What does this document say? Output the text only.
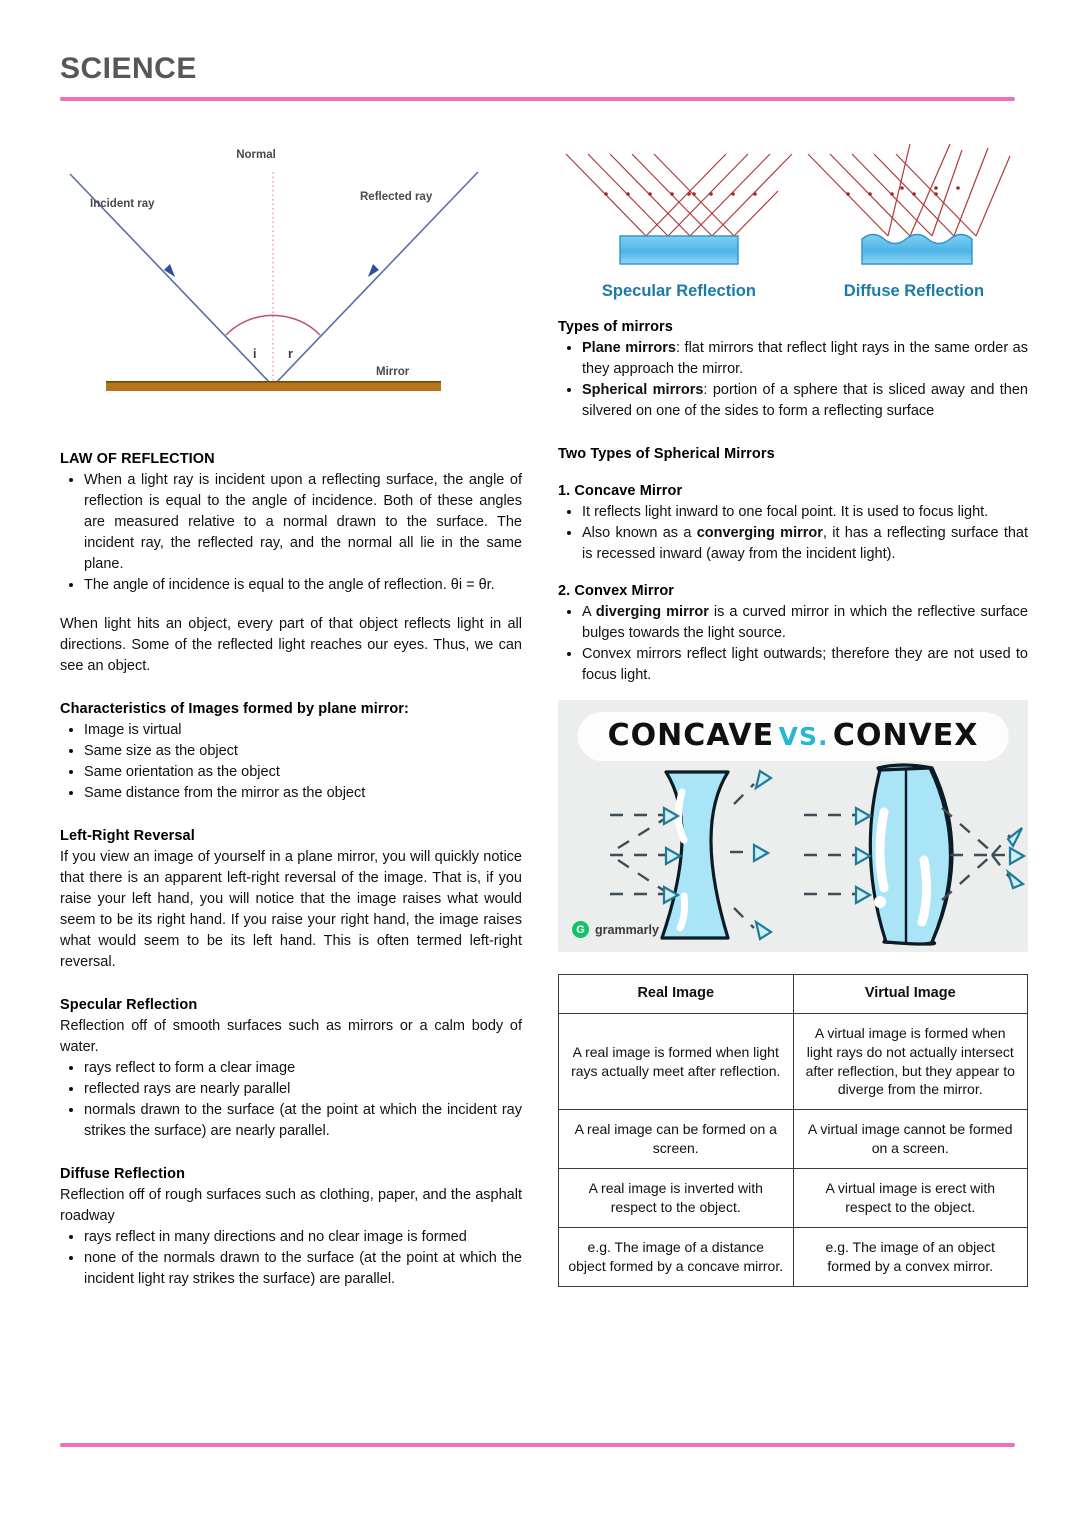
SCIENCE
Normal
Incident ray
Reflected ray
i	r
Mirror
LAW OF REFLECTION
• When a light ray is incident upon a reflecting surface, the angle of reflection is equal to the angle of incidence. Both of these angles are measured relative to a normal drawn to the surface. The incident ray, the reflected ray, and the normal all lie in the same plane.
• The angle of incidence is equal to the angle of reflection. θi = θr.

When light hits an object, every part of that object reflects light in all directions. Some of the reflected light reaches our eyes. Thus, we can see an object.

Characteristics of Images formed by plane mirror:
• Image is virtual
• Same size as the object
• Same orientation as the object
• Same distance from the mirror as the object
Left-Right Reversal

If you view an image of yourself in a plane mirror, you will quickly notice that there is an apparent left-right reversal of the image. That is, if you raise your left hand, you will notice that the image raises what would seem to be its right hand. If you raise your right hand, the image raises what would seem to be its left hand. This is often termed left-right reversal.

Specular Reflection

Reflection off of smooth surfaces such as mirrors or a calm body of water.

• rays reflect to form a clear image
• reflected rays are nearly parallel
• normals drawn to the surface (at the point at which the incident ray strikes the surface) are nearly parallel.
Diffuse Reflection

Reflection off of rough surfaces such as clothing, paper, and the asphalt roadway

• rays reflect in many directions and no clear image is formed
• none of the normals drawn to the surface (at the point at which the incident light ray strikes the surface) are parallel.
Specular Reflection	Diffuse Reflection
Types of mirrors
• Plane mirrors: flat mirrors that reflect light rays in the same order as they approach the mirror.
• Spherical mirrors: portion of a sphere that is sliced away and then silvered on one of the sides to form a reflecting surface
Two Types of Spherical Mirrors
1. Concave Mirror
• It reflects light inward to one focal point. It is used to focus light.
• Also known as a converging mirror, it has a reflecting surface that is recessed inward (away from the incident light).
2. Convex Mirror
• A diverging mirror is a curved mirror in which the reflective surface bulges towards the light source.
• Convex mirrors reflect light outwards; therefore they are not used to focus light.
CONCAVE VS. CONVEX
G grammarly
Real Image	Virtual Image
A real image is formed when light rays actually meet after reflection.	A virtual image is formed when light rays do not actually intersect after reflection, but they appear to diverge from the mirror.
A real image can be formed on a screen.	A virtual image cannot be formed on a screen.
A real image is inverted with respect to the object.	A virtual image is erect with respect to the object.
e.g. The image of a distance object formed by a concave mirror.	e.g. The image of an object formed by a convex mirror.
